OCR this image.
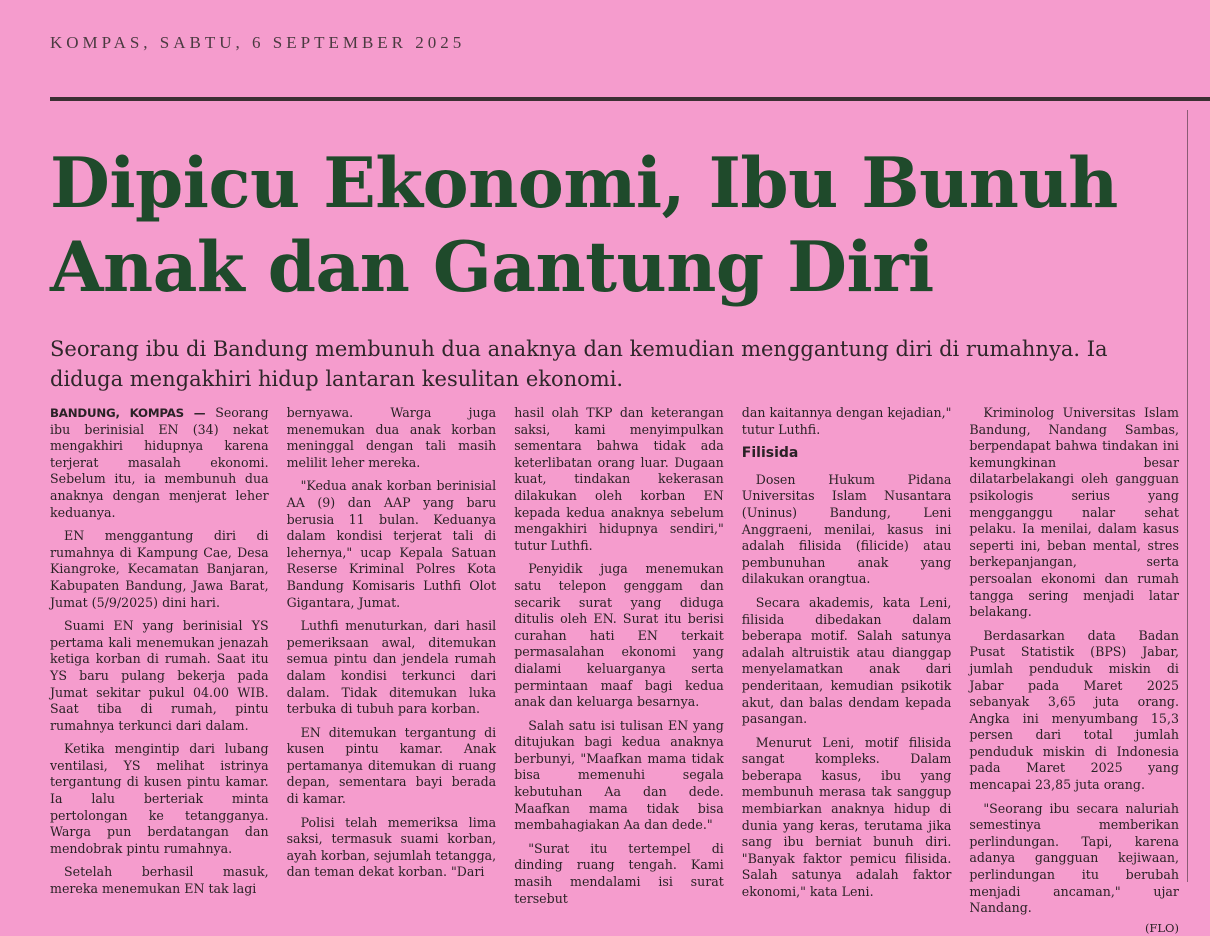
KOMPAS, SABTU, 6 SEPTEMBER 2025
Dipicu Ekonomi, Ibu Bunuh Anak dan Gantung Diri

Seorang ibu di Bandung membunuh dua anaknya dan kemudian menggantung diri di rumahnya. Ia diduga mengakhiri hidup lantaran kesulitan ekonomi.

BANDUNG, KOMPAS — Seorang ibu berinisial EN (34) nekat mengakhiri hidupnya karena terjerat masalah ekonomi. Sebelum itu, ia membunuh dua anaknya dengan menjerat leher keduanya.

EN menggantung diri di rumahnya di Kampung Cae, Desa Kiangroke, Kecamatan Banjaran, Kabupaten Bandung, Jawa Barat, Jumat (5/9/2025) dini hari.

Suami EN yang berinisial YS pertama kali menemukan jenazah ketiga korban di rumah. Saat itu YS baru pulang bekerja pada Jumat sekitar pukul 04.00 WIB. Saat tiba di rumah, pintu rumahnya terkunci dari dalam.

Ketika mengintip dari lubang ventilasi, YS melihat istrinya tergantung di kusen pintu kamar. Ia lalu berteriak minta pertolongan ke tetangganya. Warga pun berdatangan dan mendobrak pintu rumahnya.

Setelah berhasil masuk, mereka menemukan EN tak lagi

bernyawa. Warga juga menemukan dua anak korban meninggal dengan tali masih melilit leher mereka.

"Kedua anak korban berinisial AA (9) dan AAP yang baru berusia 11 bulan. Keduanya dalam kondisi terjerat tali di lehernya," ucap Kepala Satuan Reserse Kriminal Polres Kota Bandung Komisaris Luthfi Olot Gigantara, Jumat.

Luthfi menuturkan, dari hasil pemeriksaan awal, ditemukan semua pintu dan jendela rumah dalam kondisi terkunci dari dalam. Tidak ditemukan luka terbuka di tubuh para korban.

EN ditemukan tergantung di kusen pintu kamar. Anak pertamanya ditemukan di ruang depan, sementara bayi berada di kamar.

Polisi telah memeriksa lima saksi, termasuk suami korban, ayah korban, sejumlah tetangga, dan teman dekat korban. "Dari

hasil olah TKP dan keterangan saksi, kami menyimpulkan sementara bahwa tidak ada keterlibatan orang luar. Dugaan kuat, tindakan kekerasan dilakukan oleh korban EN kepada kedua anaknya sebelum mengakhiri hidupnya sendiri," tutur Luthfi.

Penyidik juga menemukan satu telepon genggam dan secarik surat yang diduga ditulis oleh EN. Surat itu berisi curahan hati EN terkait permasalahan ekonomi yang dialami keluarganya serta permintaan maaf bagi kedua anak dan keluarga besarnya.

Salah satu isi tulisan EN yang ditujukan bagi kedua anaknya berbunyi, "Maafkan mama tidak bisa memenuhi segala kebutuhan Aa dan dede. Maafkan mama tidak bisa membahagiakan Aa dan dede."

"Surat itu tertempel di dinding ruang tengah. Kami masih mendalami isi surat tersebut

dan kaitannya dengan kejadian," tutur Luthfi.

Filisida

Dosen Hukum Pidana Universitas Islam Nusantara (Uninus) Bandung, Leni Anggraeni, menilai, kasus ini adalah filisida (filicide) atau pembunuhan anak yang dilakukan orangtua.

Secara akademis, kata Leni, filisida dibedakan dalam beberapa motif. Salah satunya adalah altruistik atau dianggap menyelamatkan anak dari penderitaan, kemudian psikotik akut, dan balas dendam kepada pasangan.

Menurut Leni, motif filisida sangat kompleks. Dalam beberapa kasus, ibu yang membunuh merasa tak sanggup membiarkan anaknya hidup di dunia yang keras, terutama jika sang ibu berniat bunuh diri. "Banyak faktor pemicu filisida. Salah satunya adalah faktor ekonomi," kata Leni.

Kriminolog Universitas Islam Bandung, Nandang Sambas, berpendapat bahwa tindakan ini kemungkinan besar dilatarbelakangi oleh gangguan psikologis serius yang mengganggu nalar sehat pelaku. Ia menilai, dalam kasus seperti ini, beban mental, stres berkepanjangan, serta persoalan ekonomi dan rumah tangga sering menjadi latar belakang.

Berdasarkan data Badan Pusat Statistik (BPS) Jabar, jumlah penduduk miskin di Jabar pada Maret 2025 sebanyak 3,65 juta orang. Angka ini menyumbang 15,3 persen dari total jumlah penduduk miskin di Indonesia pada Maret 2025 yang mencapai 23,85 juta orang.

"Seorang ibu secara naluriah semestinya memberikan perlindungan. Tapi, karena adanya gangguan kejiwaan, perlindungan itu berubah menjadi ancaman," ujar Nandang.

(FLO)
